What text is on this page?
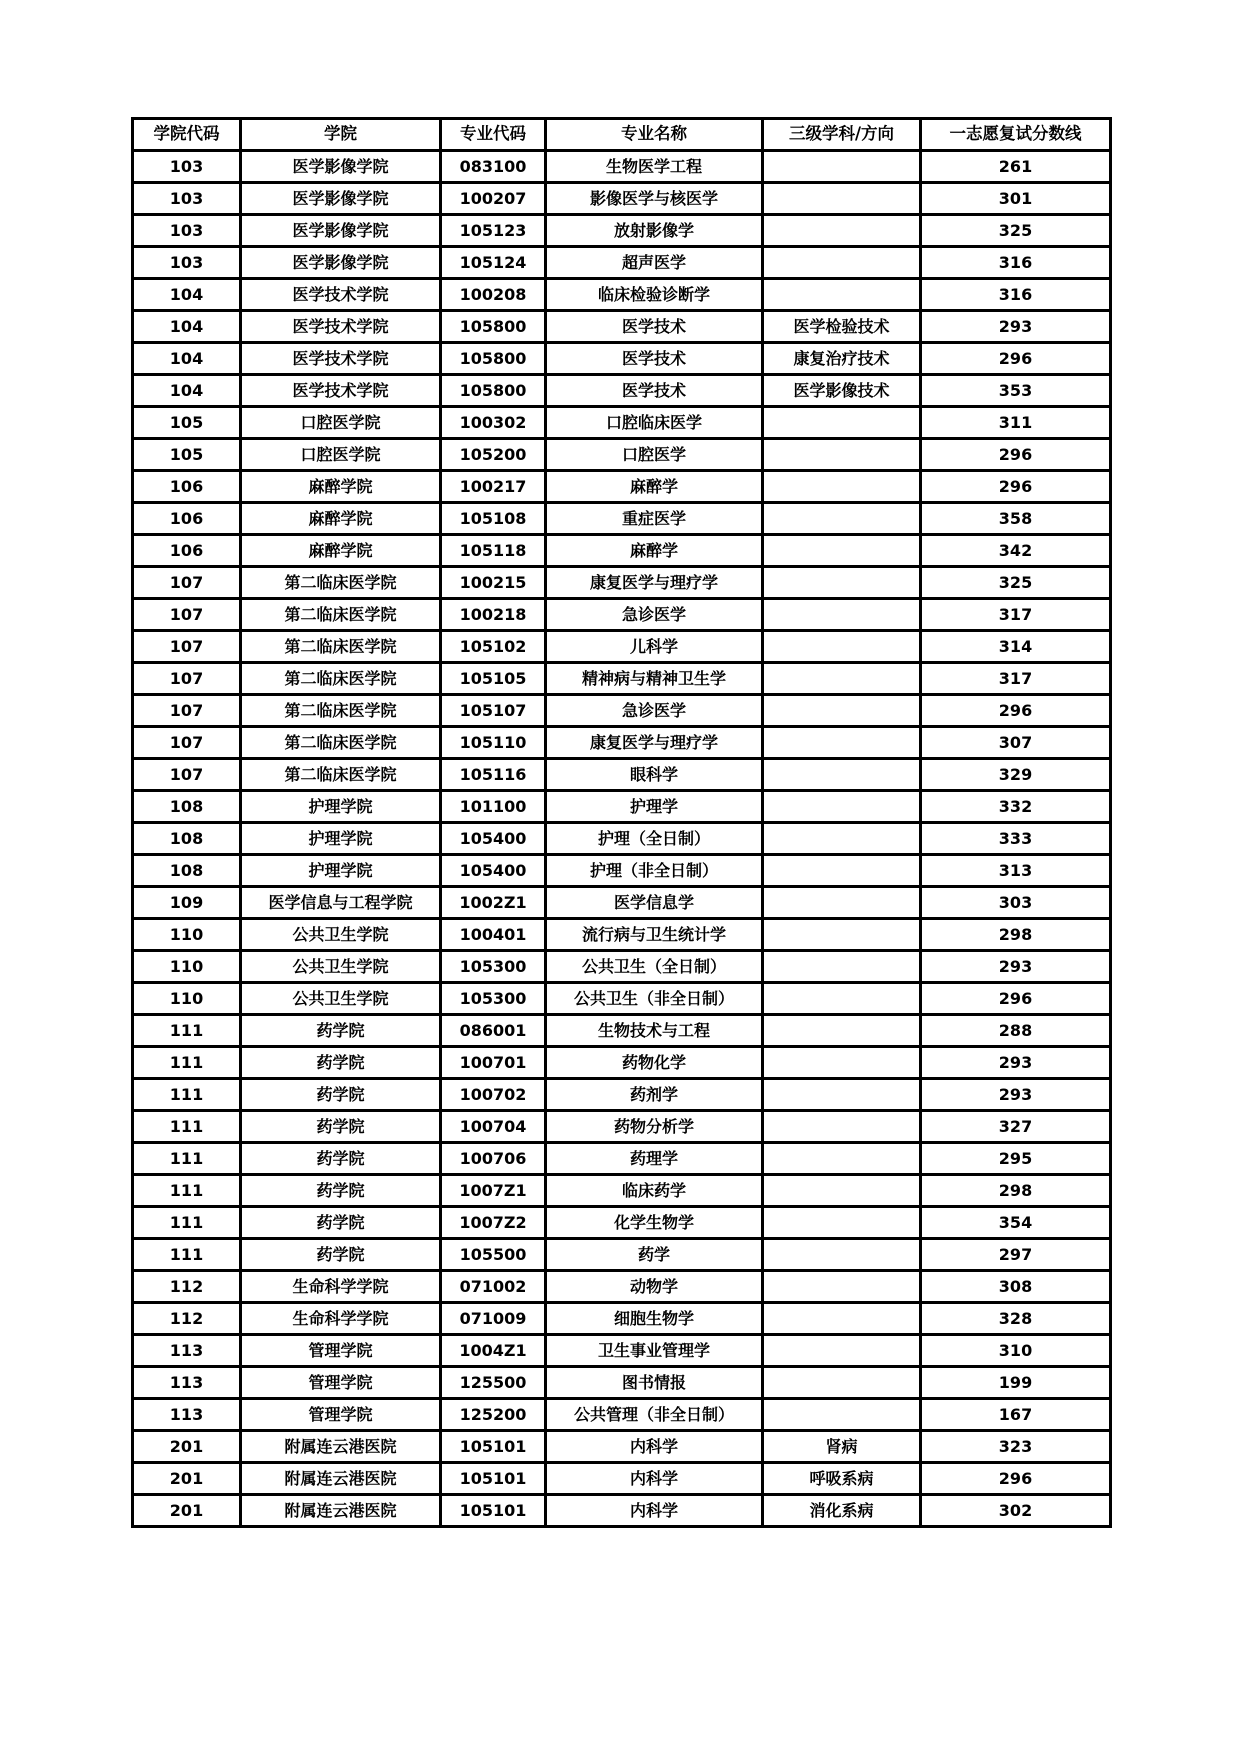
学院代码	学院	专业代码	专业名称	三级学科/方向	一志愿复试分数线
103	医学影像学院	083100	生物医学工程		261
103	医学影像学院	100207	影像医学与核医学		301
103	医学影像学院	105123	放射影像学		325
103	医学影像学院	105124	超声医学		316
104	医学技术学院	100208	临床检验诊断学		316
104	医学技术学院	105800	医学技术	医学检验技术	293
104	医学技术学院	105800	医学技术	康复治疗技术	296
104	医学技术学院	105800	医学技术	医学影像技术	353
105	口腔医学院	100302	口腔临床医学		311
105	口腔医学院	105200	口腔医学		296
106	麻醉学院	100217	麻醉学		296
106	麻醉学院	105108	重症医学		358
106	麻醉学院	105118	麻醉学		342
107	第二临床医学院	100215	康复医学与理疗学		325
107	第二临床医学院	100218	急诊医学		317
107	第二临床医学院	105102	儿科学		314
107	第二临床医学院	105105	精神病与精神卫生学		317
107	第二临床医学院	105107	急诊医学		296
107	第二临床医学院	105110	康复医学与理疗学		307
107	第二临床医学院	105116	眼科学		329
108	护理学院	101100	护理学		332
108	护理学院	105400	护理（全日制）		333
108	护理学院	105400	护理（非全日制）		313
109	医学信息与工程学院	1002Z1	医学信息学		303
110	公共卫生学院	100401	流行病与卫生统计学		298
110	公共卫生学院	105300	公共卫生（全日制）		293
110	公共卫生学院	105300	公共卫生（非全日制）		296
111	药学院	086001	生物技术与工程		288
111	药学院	100701	药物化学		293
111	药学院	100702	药剂学		293
111	药学院	100704	药物分析学		327
111	药学院	100706	药理学		295
111	药学院	1007Z1	临床药学		298
111	药学院	1007Z2	化学生物学		354
111	药学院	105500	药学		297
112	生命科学学院	071002	动物学		308
112	生命科学学院	071009	细胞生物学		328
113	管理学院	1004Z1	卫生事业管理学		310
113	管理学院	125500	图书情报		199
113	管理学院	125200	公共管理（非全日制）		167
201	附属连云港医院	105101	内科学	肾病	323
201	附属连云港医院	105101	内科学	呼吸系病	296
201	附属连云港医院	105101	内科学	消化系病	302
